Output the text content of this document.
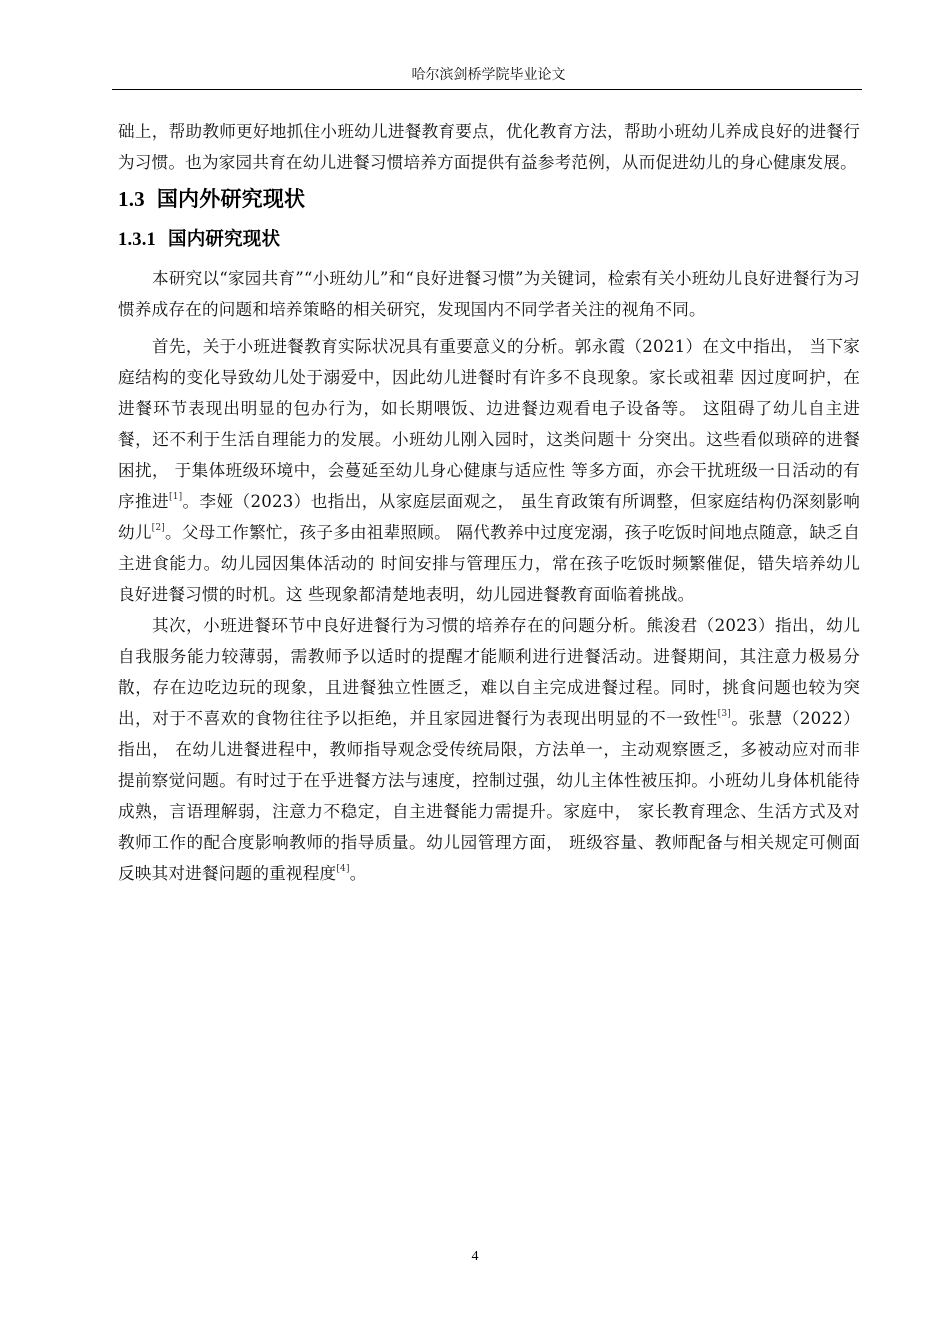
哈尔滨剑桥学院毕业论文

础上，帮助教师更好地抓住小班幼儿进餐教育要点，优化教育方法，帮助小班幼儿养成良好的进餐行为习惯。也为家园共育在幼儿进餐习惯培养方面提供有益参考范例，从而促进幼儿的身心健康发展。

1.3 国内外研究现状
1.3.1 国内研究现状

本研究以“家园共育”“小班幼儿”和“良好进餐习惯”为关键词，检索有关小班幼儿良好进餐行为习惯养成存在的问题和培养策略的相关研究，发现国内不同学者关注的视角不同。

首先，关于小班进餐教育实际状况具有重要意义的分析。郭永霞（2021）在文中指出， 当下家庭结构的变化导致幼儿处于溺爱中，因此幼儿进餐时有许多不良现象。家长或祖辈 因过度呵护，在进餐环节表现出明显的包办行为，如长期喂饭、边进餐边观看电子设备等。 这阻碍了幼儿自主进餐，还不利于生活自理能力的发展。小班幼儿刚入园时，这类问题十 分突出。这些看似琐碎的进餐困扰， 于集体班级环境中，会蔓延至幼儿身心健康与适应性 等多方面，亦会干扰班级一日活动的有序推进[1]。李娅（2023）也指出，从家庭层面观之， 虽生育政策有所调整，但家庭结构仍深刻影响幼儿[2]。父母工作繁忙，孩子多由祖辈照顾。 隔代教养中过度宠溺，孩子吃饭时间地点随意，缺乏自主进食能力。幼儿园因集体活动的 时间安排与管理压力，常在孩子吃饭时频繁催促，错失培养幼儿良好进餐习惯的时机。这 些现象都清楚地表明，幼儿园进餐教育面临着挑战。

其次，小班进餐环节中良好进餐行为习惯的培养存在的问题分析。熊浚君（2023）指出，幼儿自我服务能力较薄弱，需教师予以适时的提醒才能顺利进行进餐活动。进餐期间，其注意力极易分散，存在边吃边玩的现象，且进餐独立性匮乏，难以自主完成进餐过程。同时，挑食问题也较为突出，对于不喜欢的食物往往予以拒绝，并且家园进餐行为表现出明显的不一致性[3]。张慧（2022）指出， 在幼儿进餐进程中，教师指导观念受传统局限，方法单一，主动观察匮乏，多被动应对而非提前察觉问题。有时过于在乎进餐方法与速度，控制过强，幼儿主体性被压抑。小班幼儿身体机能待成熟，言语理解弱，注意力不稳定，自主进餐能力需提升。家庭中， 家长教育理念、生活方式及对教师工作的配合度影响教师的指导质量。幼儿园管理方面， 班级容量、教师配备与相关规定可侧面反映其对进餐问题的重视程度[4]。

4
